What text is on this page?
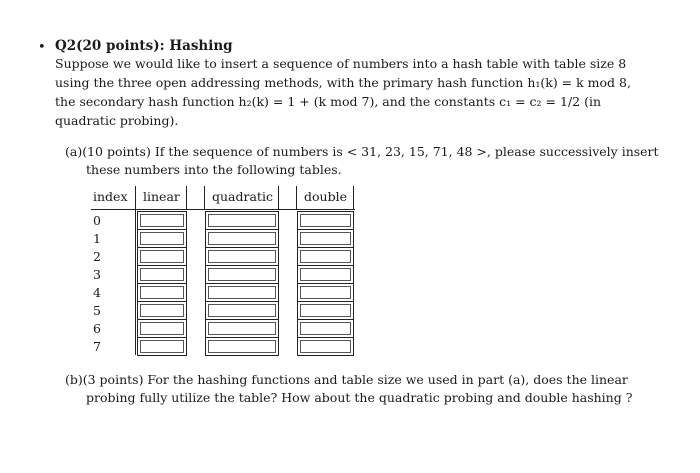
• Q2(20 points): Hashing
Suppose we would like to insert a sequence of numbers into a hash table with table size 8
using the three open addressing methods, with the primary hash function h₁(k) = k mod 8,
the secondary hash function h₂(k) = 1 + (k mod 7), and the constants c₁ = c₂ = 1/2 (in
quadratic probing).
(a)(10 points) If the sequence of numbers is < 31, 23, 15, 71, 48 >, please successively insert
these numbers into the following tables.
index linear	quadratic double
0
1
2
3
4
5
6
7
(b)(3 points) For the hashing functions and table size we used in part (a), does the linear
probing fully utilize the table? How about the quadratic probing and double hashing ?
